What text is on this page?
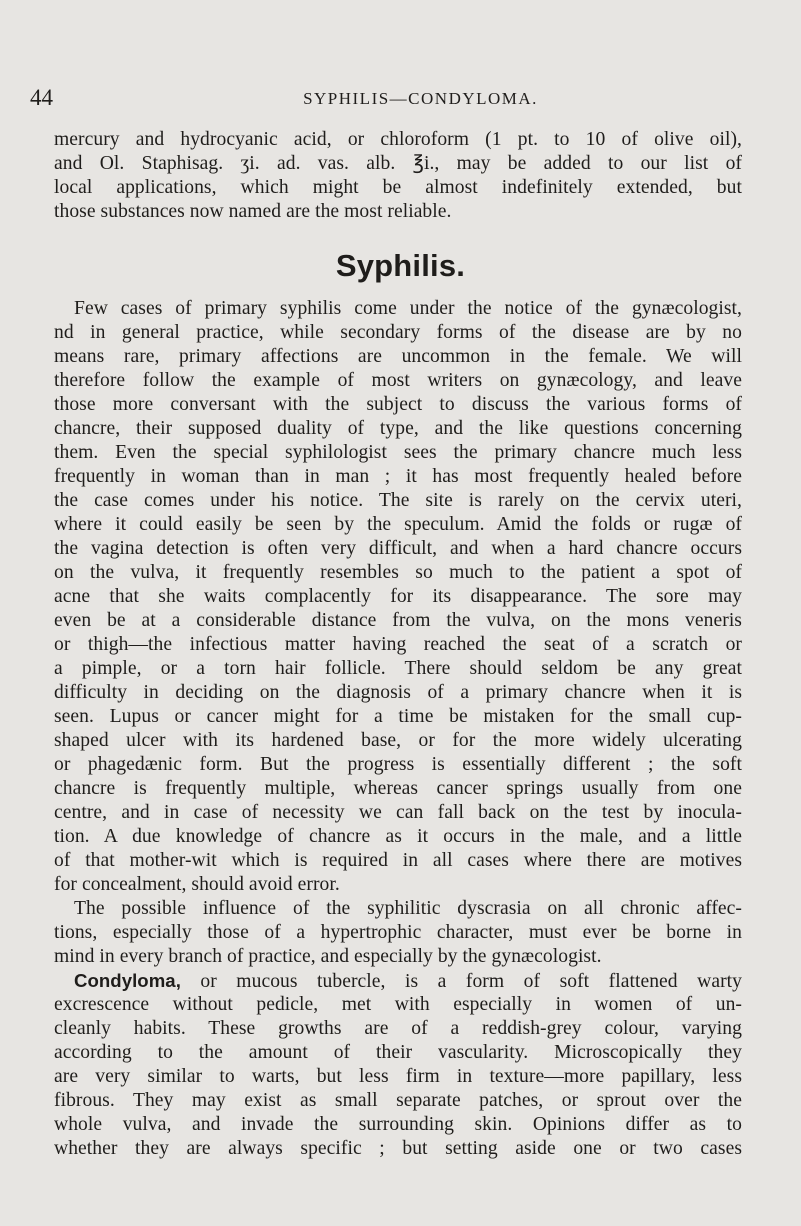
44	SYPHILIS—CONDYLOMA.
mercury and hydrocyanic acid, or chloroform (1 pt. to 10 of olive oil),
and Ol. Staphisag. ʒi. ad. vas. alb. ℥i., may be added to our list of
local applications, which might be almost indefinitely extended, but
those substances now named are the most reliable.
Syphilis.
Few cases of primary syphilis come under the notice of the gynæcologist,
nd in general practice, while secondary forms of the disease are by no
means rare, primary affections are uncommon in the female. We will
therefore follow the example of most writers on gynæcology, and leave
those more conversant with the subject to discuss the various forms of
chancre, their supposed duality of type, and the like questions concerning
them. Even the special syphilologist sees the primary chancre much less
frequently in woman than in man ; it has most frequently healed before
the case comes under his notice. The site is rarely on the cervix uteri,
where it could easily be seen by the speculum. Amid the folds or rugæ of
the vagina detection is often very difficult, and when a hard chancre occurs
on the vulva, it frequently resembles so much to the patient a spot of
acne that she waits complacently for its disappearance. The sore may
even be at a considerable distance from the vulva, on the mons veneris
or thigh—the infectious matter having reached the seat of a scratch or
a pimple, or a torn hair follicle. There should seldom be any great
difficulty in deciding on the diagnosis of a primary chancre when it is
seen. Lupus or cancer might for a time be mistaken for the small cup-
shaped ulcer with its hardened base, or for the more widely ulcerating
or phagedænic form. But the progress is essentially different ; the soft
chancre is frequently multiple, whereas cancer springs usually from one
centre, and in case of necessity we can fall back on the test by inocula-
tion. A due knowledge of chancre as it occurs in the male, and a little
of that mother-wit which is required in all cases where there are motives
for concealment, should avoid error.
The possible influence of the syphilitic dyscrasia on all chronic affec-
tions, especially those of a hypertrophic character, must ever be borne in
mind in every branch of practice, and especially by the gynæcologist.
Condyloma, or mucous tubercle, is a form of soft flattened warty
excrescence without pedicle, met with especially in women of un-
cleanly habits. These growths are of a reddish-grey colour, varying
according to the amount of their vascularity. Microscopically they
are very similar to warts, but less firm in texture—more papillary, less
fibrous. They may exist as small separate patches, or sprout over the
whole vulva, and invade the surrounding skin. Opinions differ as to
whether they are always specific ; but setting aside one or two cases
